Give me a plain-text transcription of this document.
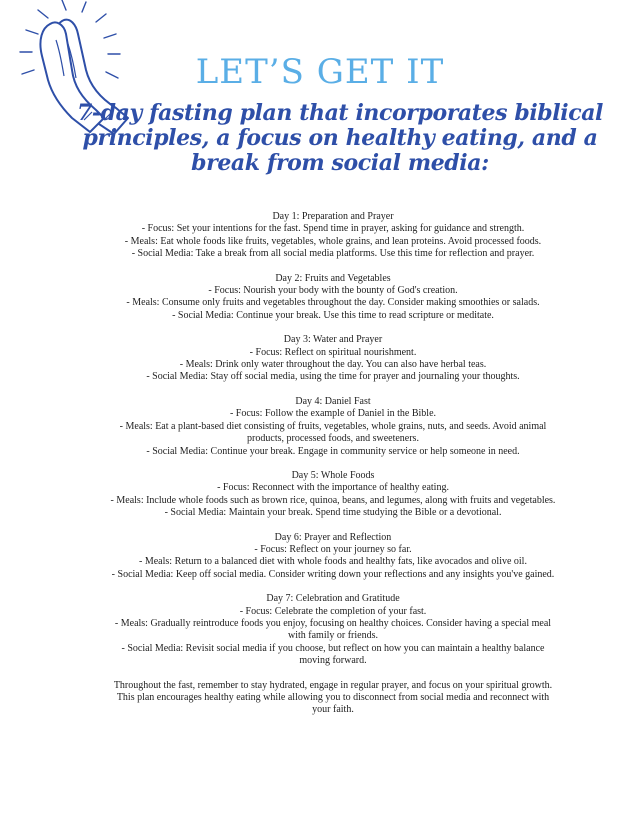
LET’S GET IT
7-day fasting plan that incorporates biblical principles, a focus on healthy eating, and a break from social media:

Day 1: Preparation and Prayer

- Focus: Set your intentions for the fast. Spend time in prayer, asking for guidance and strength.

- Meals: Eat whole foods like fruits, vegetables, whole grains, and lean proteins. Avoid processed foods.

- Social Media: Take a break from all social media platforms. Use this time for reflection and prayer.

Day 2: Fruits and Vegetables

- Focus: Nourish your body with the bounty of God's creation.

- Meals: Consume only fruits and vegetables throughout the day. Consider making smoothies or salads.

- Social Media: Continue your break. Use this time to read scripture or meditate.

Day 3: Water and Prayer

- Focus: Reflect on spiritual nourishment.

- Meals: Drink only water throughout the day. You can also have herbal teas.

- Social Media: Stay off social media, using the time for prayer and journaling your thoughts.

Day 4: Daniel Fast

- Focus: Follow the example of Daniel in the Bible.

- Meals: Eat a plant-based diet consisting of fruits, vegetables, whole grains, nuts, and seeds. Avoid animal products, processed foods, and sweeteners.

- Social Media: Continue your break. Engage in community service or help someone in need.

Day 5: Whole Foods

- Focus: Reconnect with the importance of healthy eating.

- Meals: Include whole foods such as brown rice, quinoa, beans, and legumes, along with fruits and vegetables.

- Social Media: Maintain your break. Spend time studying the Bible or a devotional.

Day 6: Prayer and Reflection

- Focus: Reflect on your journey so far.

- Meals: Return to a balanced diet with whole foods and healthy fats, like avocados and olive oil.

- Social Media: Keep off social media. Consider writing down your reflections and any insights you've gained.

Day 7: Celebration and Gratitude

- Focus: Celebrate the completion of your fast.

- Meals: Gradually reintroduce foods you enjoy, focusing on healthy choices. Consider having a special meal with family or friends.

- Social Media: Revisit social media if you choose, but reflect on how you can maintain a healthy balance moving forward.

Throughout the fast, remember to stay hydrated, engage in regular prayer, and focus on your spiritual growth. This plan encourages healthy eating while allowing you to disconnect from social media and reconnect with your faith.
